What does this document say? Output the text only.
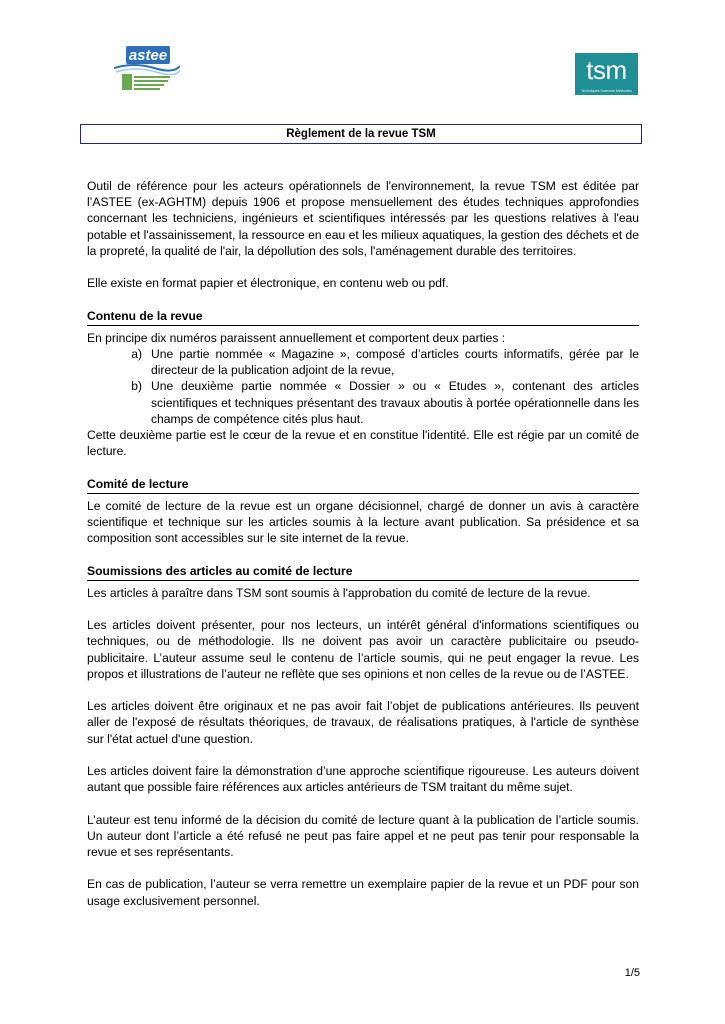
astee	tsm
Techniques Sciences Méthodes
Règlement de la revue TSM

Outil de référence pour les acteurs opérationnels de l'environnement, la revue TSM est éditée par l’ASTEE (ex-AGHTM) depuis 1906 et propose mensuellement des études techniques approfondies concernant les techniciens, ingénieurs et scientifiques intéressés par les questions relatives à l'eau potable et l'assainissement, la ressource en eau et les milieux aquatiques, la gestion des déchets et de la propreté, la qualité de l'air, la dépollution des sols, l'aménagement durable des territoires.

Elle existe en format papier et électronique, en contenu web ou pdf.

Contenu de la revue

En principe dix numéros paraissent annuellement et comportent deux parties :

a) Une partie nommée « Magazine », composé d’articles courts informatifs, gérée par le directeur de la publication adjoint de la revue,
b) Une deuxième partie nommée « Dossier » ou « Etudes », contenant des articles scientifiques et techniques présentant des travaux aboutis à portée opérationnelle dans les champs de compétence cités plus haut.

Cette deuxième partie est le cœur de la revue et en constitue l'identité. Elle est régie par un comité de lecture.

Comité de lecture

Le comité de lecture de la revue est un organe décisionnel, chargé de donner un avis à caractère scientifique et technique sur les articles soumis à la lecture avant publication. Sa présidence et sa composition sont accessibles sur le site internet de la revue.

Soumissions des articles au comité de lecture

Les articles à paraître dans TSM sont soumis à l'approbation du comité de lecture de la revue.

Les articles doivent présenter, pour nos lecteurs, un intérêt général d'informations scientifiques ou techniques, ou de méthodologie. Ils ne doivent pas avoir un caractère publicitaire ou pseudo-publicitaire. L’auteur assume seul le contenu de l’article soumis, qui ne peut engager la revue. Les propos et illustrations de l’auteur ne reflète que ses opinions et non celles de la revue ou de l’ASTEE.

Les articles doivent être originaux et ne pas avoir fait l’objet de publications antérieures. Ils peuvent aller de l'exposé de résultats théoriques, de travaux, de réalisations pratiques, à l'article de synthèse sur l'état actuel d'une question.

Les articles doivent faire la démonstration d’une approche scientifique rigoureuse. Les auteurs doivent autant que possible faire références aux articles antérieurs de TSM traitant du même sujet.

L’auteur est tenu informé de la décision du comité de lecture quant à la publication de l’article soumis. Un auteur dont l’article a été refusé ne peut pas faire appel et ne peut pas tenir pour responsable la revue et ses représentants.

En cas de publication, l’auteur se verra remettre un exemplaire papier de la revue et un PDF pour son usage exclusivement personnel.

1/5
